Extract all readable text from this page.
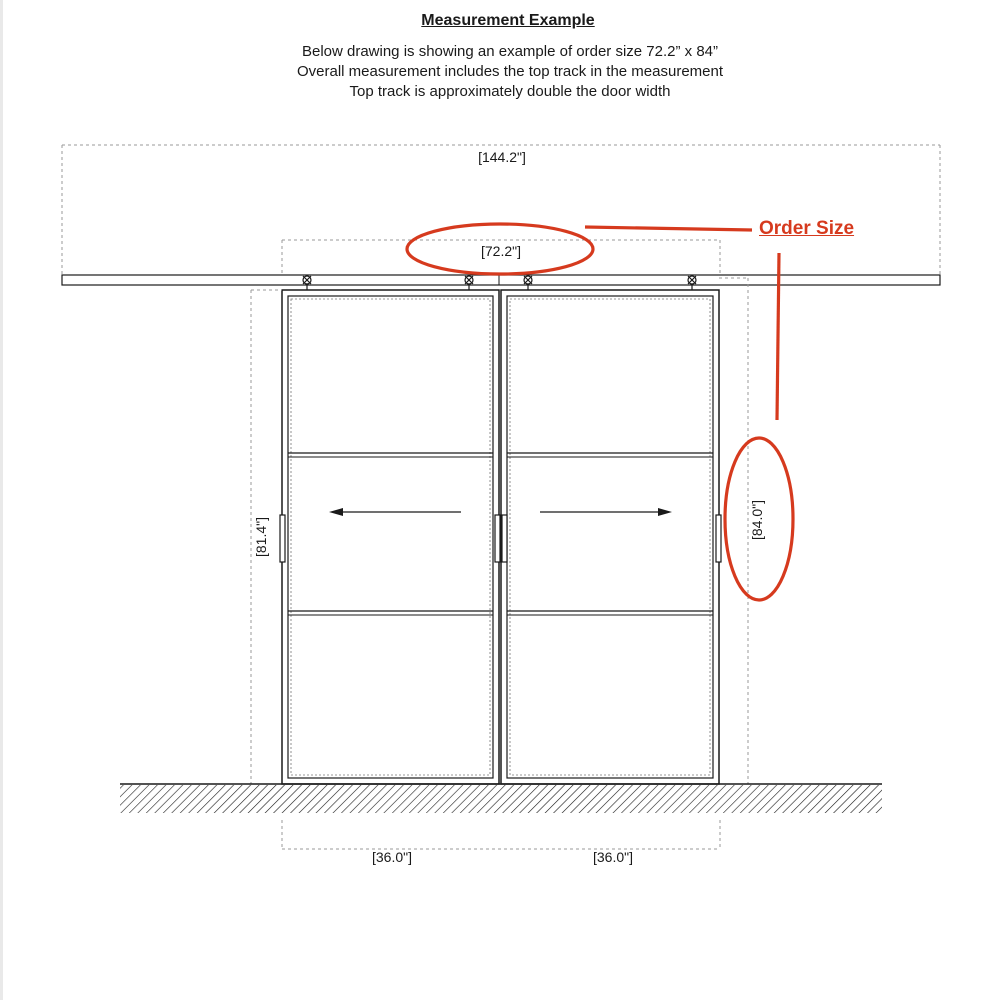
Measurement Example
Below drawing is showing an example of order size 72.2” x 84”
Overall measurement includes the top track in the measurement
Top track is approximately double the door width
[144.2"]
[72.2"]
[81.4"]	[84.0"]
[36.0"]	[36.0"]
Order Size
